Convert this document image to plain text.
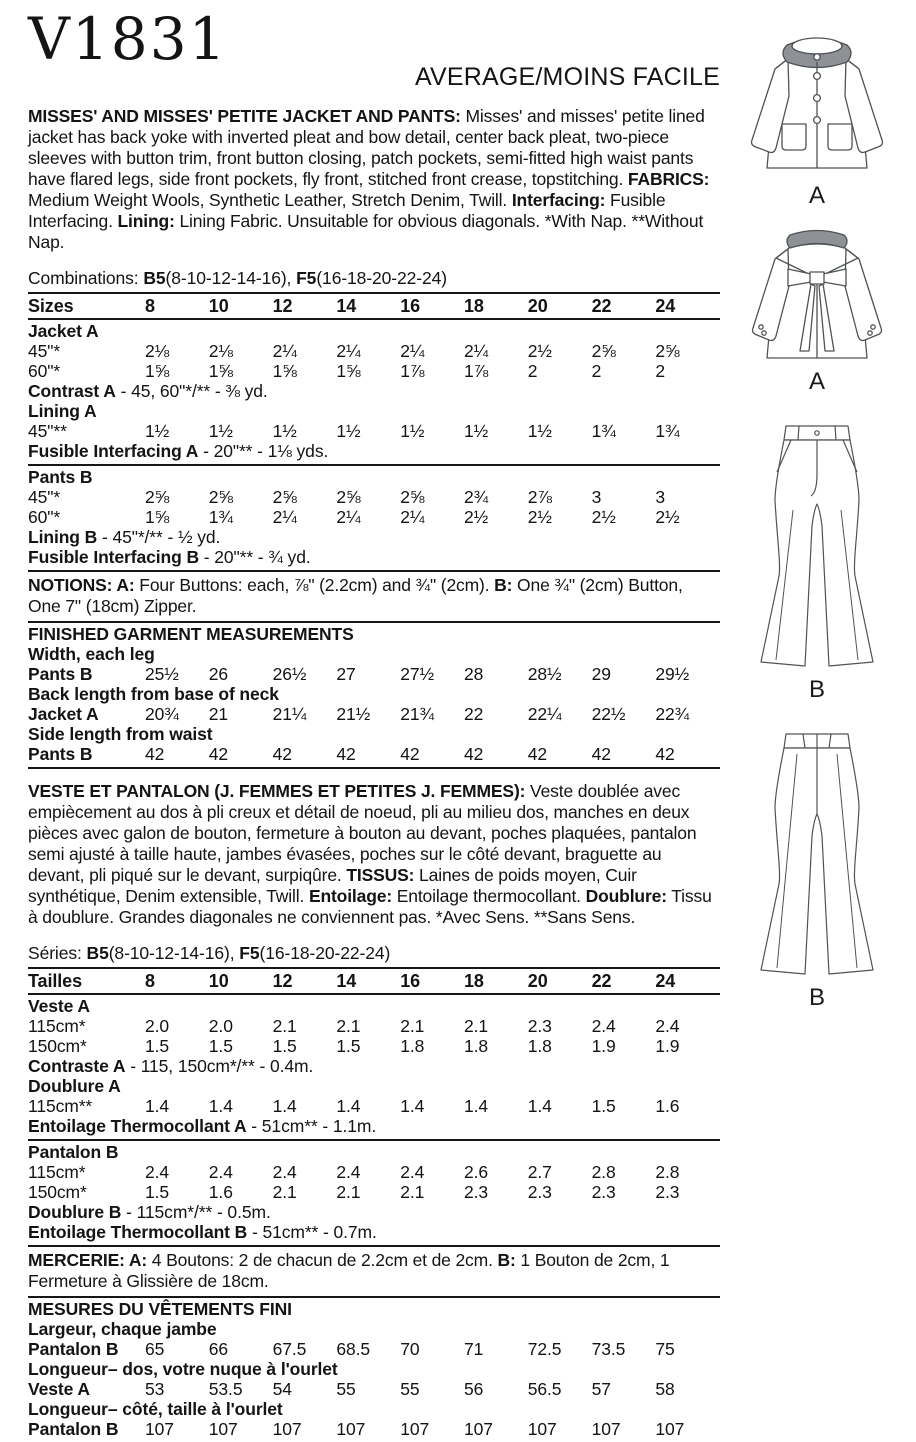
V1831
AVERAGE/MOINS FACILE

MISSES' AND MISSES' PETITE JACKET AND PANTS: Misses' and misses' petite lined jacket has back yoke with inverted pleat and bow detail, center back pleat, two-piece sleeves with button trim, front button closing, patch pockets, semi-fitted high waist pants have flared legs, side front pockets, fly front, stitched front crease, topstitching. FABRICS: Medium Weight Wools, Synthetic Leather, Stretch Denim, Twill. Interfacing: Fusible Interfacing. Lining: Lining Fabric. Unsuitable for obvious diagonals. *With Nap. **Without Nap.

Combinations: B5(8-10-12-14-16), F5(16-18-20-22-24)

Sizes	8	10	12	14	16	18	20	22	24
Jacket A
45"*	2⅛	2⅛	2¼	2¼	2¼	2¼	2½	2⅝	2⅝
60"*	1⅝	1⅝	1⅝	1⅝	1⅞	1⅞	2	2	2
Contrast A - 45, 60"*/** - ⅜ yd.
Lining A
45"**	1½	1½	1½	1½	1½	1½	1½	1¾	1¾
Fusible Interfacing A - 20"** - 1⅛ yds.
Pants B
45"*	2⅝	2⅝	2⅝	2⅝	2⅝	2¾	2⅞	3	3
60"*	1⅝	1¾	2¼	2¼	2¼	2½	2½	2½	2½
Lining B - 45"*/** - ½ yd.
Fusible Interfacing B - 20"** - ¾ yd.

NOTIONS: A: Four Buttons: each, ⅞" (2.2cm) and ¾" (2cm). B: One ¾" (2cm) Button, One 7" (18cm) Zipper.

FINISHED GARMENT MEASUREMENTS
Width, each leg
Pants B	25½	26	26½	27	27½	28	28½	29	29½
Back length from base of neck
Jacket A	20¾	21	21¼	21½	21¾	22	22¼	22½	22¾
Side length from waist
Pants B	42	42	42	42	42	42	42	42	42

VESTE ET PANTALON (J. FEMMES ET PETITES J. FEMMES): Veste doublée avec empiècement au dos à pli creux et détail de noeud, pli au milieu dos, manches en deux pièces avec galon de bouton, fermeture à bouton au devant, poches plaquées, pantalon semi ajusté à taille haute, jambes évasées, poches sur le côté devant, braguette au devant, pli piqué sur le devant, surpiqûre. TISSUS: Laines de poids moyen, Cuir synthétique, Denim extensible, Twill. Entoilage: Entoilage thermocollant. Doublure: Tissu à doublure. Grandes diagonales ne conviennent pas. *Avec Sens. **Sans Sens.

Séries: B5(8-10-12-14-16), F5(16-18-20-22-24)

Tailles	8	10	12	14	16	18	20	22	24
Veste A
115cm*	2.0	2.0	2.1	2.1	2.1	2.1	2.3	2.4	2.4
150cm*	1.5	1.5	1.5	1.5	1.8	1.8	1.8	1.9	1.9
Contraste A - 115, 150cm*/** - 0.4m.
Doublure A
115cm**	1.4	1.4	1.4	1.4	1.4	1.4	1.4	1.5	1.6
Entoilage Thermocollant A - 51cm** - 1.1m.
Pantalon B
115cm*	2.4	2.4	2.4	2.4	2.4	2.6	2.7	2.8	2.8
150cm*	1.5	1.6	2.1	2.1	2.1	2.3	2.3	2.3	2.3
Doublure B - 115cm*/** - 0.5m.
Entoilage Thermocollant B - 51cm** - 0.7m.

MERCERIE: A: 4 Boutons: 2 de chacun de 2.2cm et de 2cm. B: 1 Bouton de 2cm, 1 Fermeture à Glissière de 18cm.

MESURES DU VÊTEMENTS FINI
Largeur, chaque jambe
Pantalon B	65	66	67.5	68.5	70	71	72.5	73.5	75
Longueur– dos, votre nuque à l'ourlet
Veste A	53	53.5	54	55	55	56	56.5	57	58
Longueur– côté, taille à l'ourlet
Pantalon B	107	107	107	107	107	107	107	107	107
A
A
B
B
